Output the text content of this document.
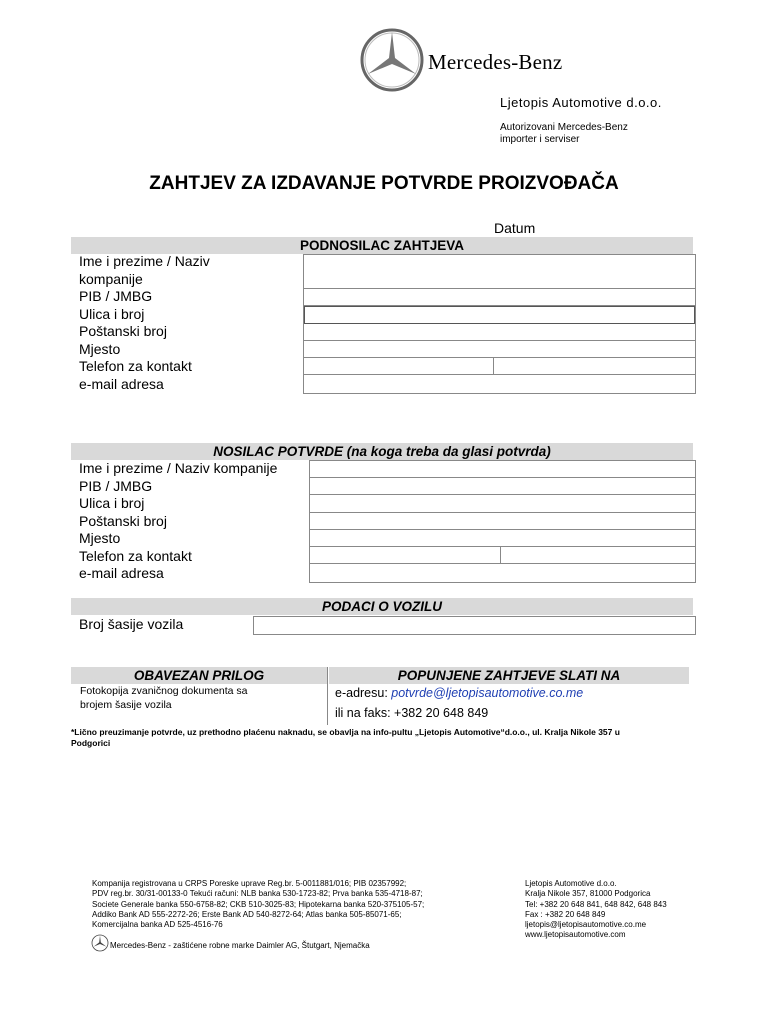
Mercedes-Benz
Ljetopis Automotive d.o.o.
Autorizovani Mercedes-Benz
importer i serviser
ZAHTJEV ZA IZDAVANJE POTVRDE PROIZVOĐAČA
Datum
PODNOSILAC ZAHTJEVA
Ime i prezime / Naziv
kompanije
PIB / JMBG
Ulica i broj
Poštanski broj
Mjesto
Telefon za kontakt
e-mail adresa
NOSILAC POTVRDE (na koga treba da glasi potvrda)
Ime i prezime / Naziv kompanije
PIB / JMBG
Ulica i broj
Poštanski broj
Mjesto
Telefon za kontakt
e-mail adresa
PODACI O VOZILU
Broj šasije vozila
OBAVEZAN PRILOG	POPUNJENE ZAHTJEVE SLATI NA
Fotokopija zvaničnog dokumenta sa
brojem šasije vozila
e-adresu: potvrde@ljetopisautomotive.co.me
ili na faks: +382 20 648 849
*Lično preuzimanje potvrde, uz prethodno plaćenu naknadu, se obavlja na info-pultu „Ljetopis Automotive“d.o.o., ul. Kralja Nikole 357 u
Podgorici
Kompanija registrovana u CRPS Poreske uprave Reg.br. 5-0011881/016; PIB 02357992;
PDV reg.br. 30/31-00133-0 Tekući računi: NLB banka 530-1723-82; Prva banka 535-4718-87;
Societe Generale banka 550-6758-82; CKB 510-3025-83; Hipotekarna banka 520-375105-57;
Addiko Bank AD 555-2272-26; Erste Bank AD 540-8272-64; Atlas banka 505-85071-65;
Komercijalna banka AD 525-4516-76
Mercedes-Benz - zaštićene robne marke Daimler AG, Štutgart, Njemačka
Ljetopis Automotive d.o.o.
Kralja Nikole 357, 81000 Podgorica
Tel: +382 20 648 841, 648 842, 648 843
Fax : +382 20 648 849
ljetopis@ljetopisautomotive.co.me
www.ljetopisautomotive.com
